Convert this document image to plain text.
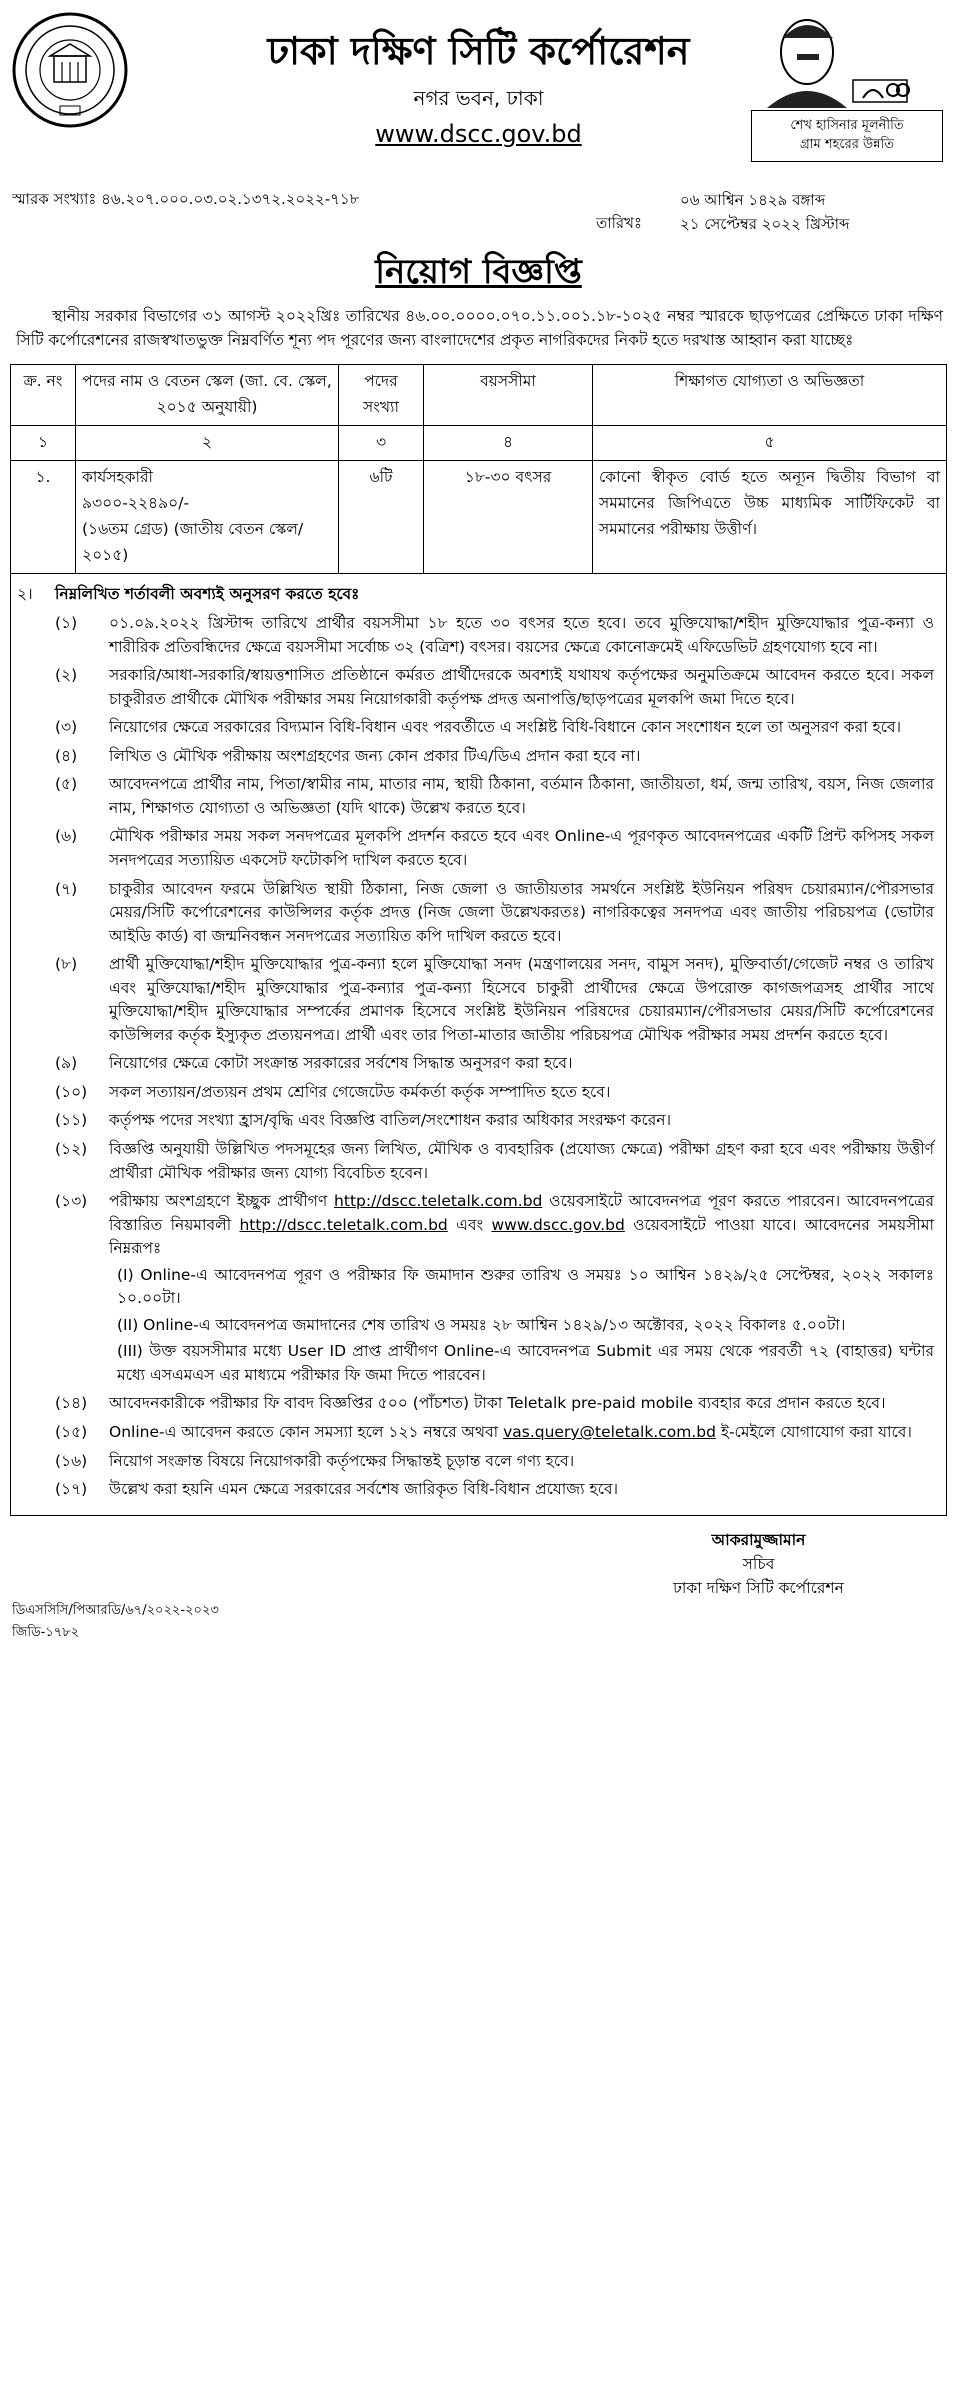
ঢাকা দক্ষিণ সিটি কর্পোরেশন
নগর ভবন, ঢাকা
www.dscc.gov.bd	শেখ হাসিনার মূলনীতি
গ্রাম শহরের উন্নতি
স্মারক সংখ্যাঃ ৪৬.২০৭.০০০.০৩.০২.১৩৭২.২০২২-৭১৮
তারিখঃ
০৬ আশ্বিন ১৪২৯ বঙ্গাব্দ
২১ সেপ্টেম্বর ২০২২ খ্রিস্টাব্দ
নিয়োগ বিজ্ঞপ্তি
স্থানীয় সরকার বিভাগের ৩১ আগস্ট ২০২২খ্রিঃ তারিখের ৪৬.০০.০০০০.০৭০.১১.০০১.১৮-১০২৫ নম্বর স্মারকে ছাড়পত্রের প্রেক্ষিতে ঢাকা দক্ষিণ সিটি কর্পোরেশনের রাজস্বখাতভুক্ত নিম্নবর্ণিত শূন্য পদ পূরণের জন্য বাংলাদেশের প্রকৃত নাগরিকদের নিকট হতে দরখাস্ত আহ্বান করা যাচ্ছেঃ
ক্র. নং	পদের নাম ও বেতন স্কেল (জা. বে. স্কেল, ২০১৫ অনুযায়ী)	পদের সংখ্যা	বয়সসীমা	শিক্ষাগত যোগ্যতা ও অভিজ্ঞতা
১	২	৩	৪	৫
১.	কার্যসহকারী
৯৩০০-২২৪৯০/-
(১৬তম গ্রেড) (জাতীয় বেতন স্কেল/২০১৫)	৬টি	১৮-৩০ বৎসর	কোনো স্বীকৃত বোর্ড হতে অন্যূন দ্বিতীয় বিভাগ বা সমমানের জিপিএতে উচ্চ মাধ্যমিক সার্টিফিকেট বা সমমানের পরীক্ষায় উত্তীর্ণ।
২। নিম্নলিখিত শর্তাবলী অবশ্যই অনুসরণ করতে হবেঃ
(১)	০১.০৯.২০২২ খ্রিস্টাব্দ তারিখে প্রার্থীর বয়সসীমা ১৮ হতে ৩০ বৎসর হতে হবে। তবে মুক্তিযোদ্ধা/শহীদ মুক্তিযোদ্ধার পুত্র-কন্যা ও শারীরিক প্রতিবন্ধিদের ক্ষেত্রে বয়সসীমা সর্বোচ্চ ৩২ (বত্রিশ) বৎসর। বয়সের ক্ষেত্রে কোনোক্রমেই এফিডেভিট গ্রহণযোগ্য হবে না।
(২)	সরকারি/আধা-সরকারি/স্বায়ত্তশাসিত প্রতিষ্ঠানে কর্মরত প্রার্থীদেরকে অবশ্যই যথাযথ কর্তৃপক্ষের অনুমতিক্রমে আবেদন করতে হবে। সকল চাকুরীরত প্রার্থীকে মৌখিক পরীক্ষার সময় নিয়োগকারী কর্তৃপক্ষ প্রদত্ত অনাপত্তি/ছাড়পত্রের মূলকপি জমা দিতে হবে।
(৩)	নিয়োগের ক্ষেত্রে সরকারের বিদ্যমান বিধি-বিধান এবং পরবর্তীতে এ সংশ্লিষ্ট বিধি-বিধানে কোন সংশোধন হলে তা অনুসরণ করা হবে।
(৪)	লিখিত ও মৌখিক পরীক্ষায় অংশগ্রহণের জন্য কোন প্রকার টিএ/ডিএ প্রদান করা হবে না।
(৫)	আবেদনপত্রে প্রার্থীর নাম, পিতা/স্বামীর নাম, মাতার নাম, স্থায়ী ঠিকানা, বর্তমান ঠিকানা, জাতীয়তা, ধর্ম, জন্ম তারিখ, বয়স, নিজ জেলার নাম, শিক্ষাগত যোগ্যতা ও অভিজ্ঞতা (যদি থাকে) উল্লেখ করতে হবে।
(৬)	মৌখিক পরীক্ষার সময় সকল সনদপত্রের মূলকপি প্রদর্শন করতে হবে এবং Online-এ পূরণকৃত আবেদনপত্রের একটি প্রিন্ট কপিসহ সকল সনদপত্রের সত্যায়িত একসেট ফটোকপি দাখিল করতে হবে।
(৭)	চাকুরীর আবেদন ফরমে উল্লিখিত স্থায়ী ঠিকানা, নিজ জেলা ও জাতীয়তার সমর্থনে সংশ্লিষ্ট ইউনিয়ন পরিষদ চেয়ারম্যান/পৌরসভার মেয়র/সিটি কর্পোরেশনের কাউন্সিলর কর্তৃক প্রদত্ত (নিজ জেলা উল্লেখকরতঃ) নাগরিকত্বের সনদপত্র এবং জাতীয় পরিচয়পত্র (ভোটার আইডি কার্ড) বা জন্মনিবন্ধন সনদপত্রের সত্যায়িত কপি দাখিল করতে হবে।
(৮)	প্রার্থী মুক্তিযোদ্ধা/শহীদ মুক্তিযোদ্ধার পুত্র-কন্যা হলে মুক্তিযোদ্ধা সনদ (মন্ত্রণালয়ের সনদ, বামুস সনদ), মুক্তিবার্তা/গেজেট নম্বর ও তারিখ এবং মুক্তিযোদ্ধা/শহীদ মুক্তিযোদ্ধার পুত্র-কন্যার পুত্র-কন্যা হিসেবে চাকুরী প্রার্থীদের ক্ষেত্রে উপরোক্ত কাগজপত্রসহ প্রার্থীর সাথে মুক্তিযোদ্ধা/শহীদ মুক্তিযোদ্ধার সম্পর্কের প্রমাণক হিসেবে সংশ্লিষ্ট ইউনিয়ন পরিষদের চেয়ারম্যান/পৌরসভার মেয়র/সিটি কর্পোরেশনের কাউন্সিলর কর্তৃক ইস্যুকৃত প্রত্যয়নপত্র। প্রার্থী এবং তার পিতা-মাতার জাতীয় পরিচয়পত্র মৌখিক পরীক্ষার সময় প্রদর্শন করতে হবে।
(৯)	নিয়োগের ক্ষেত্রে কোটা সংক্রান্ত সরকারের সর্বশেষ সিদ্ধান্ত অনুসরণ করা হবে।
(১০)	সকল সত্যায়ন/প্রত্যয়ন প্রথম শ্রেণির গেজেটেড কর্মকর্তা কর্তৃক সম্পাদিত হতে হবে।
(১১)	কর্তৃপক্ষ পদের সংখ্যা হ্রাস/বৃদ্ধি এবং বিজ্ঞপ্তি বাতিল/সংশোধন করার অধিকার সংরক্ষণ করেন।
(১২)	বিজ্ঞপ্তি অনুযায়ী উল্লিখিত পদসমূহের জন্য লিখিত, মৌখিক ও ব্যবহারিক (প্রযোজ্য ক্ষেত্রে) পরীক্ষা গ্রহণ করা হবে এবং পরীক্ষায় উত্তীর্ণ প্রার্থীরা মৌখিক পরীক্ষার জন্য যোগ্য বিবেচিত হবেন।
(১৩)	পরীক্ষায় অংশগ্রহণে ইচ্ছুক প্রার্থীগণ http://dscc.teletalk.com.bd ওয়েবসাইটে আবেদনপত্র পূরণ করতে পারবেন। আবেদনপত্রের বিস্তারিত নিয়মাবলী http://dscc.teletalk.com.bd এবং www.dscc.gov.bd ওয়েবসাইটে পাওয়া যাবে। আবেদনের সময়সীমা নিম্নরূপঃ
(I) Online-এ আবেদনপত্র পূরণ ও পরীক্ষার ফি জমাদান শুরুর তারিখ ও সময়ঃ ১০ আশ্বিন ১৪২৯/২৫ সেপ্টেম্বর, ২০২২ সকালঃ ১০.০০টা।
(II) Online-এ আবেদনপত্র জমাদানের শেষ তারিখ ও সময়ঃ ২৮ আশ্বিন ১৪২৯/১৩ অক্টোবর, ২০২২ বিকালঃ ৫.০০টা।
(III) উক্ত বয়সসীমার মধ্যে User ID প্রাপ্ত প্রার্থীগণ Online-এ আবেদনপত্র Submit এর সময় থেকে পরবর্তী ৭২ (বাহাত্তর) ঘন্টার মধ্যে এসএমএস এর মাধ্যমে পরীক্ষার ফি জমা দিতে পারবেন।
(১৪)	আবেদনকারীকে পরীক্ষার ফি বাবদ বিজ্ঞপ্তির ৫০০ (পাঁচশত) টাকা Teletalk pre-paid mobile ব্যবহার করে প্রদান করতে হবে।
(১৫)	Online-এ আবেদন করতে কোন সমস্যা হলে ১২১ নম্বরে অথবা vas.query@teletalk.com.bd ই-মেইলে যোগাযোগ করা যাবে।
(১৬)	নিয়োগ সংক্রান্ত বিষয়ে নিয়োগকারী কর্তৃপক্ষের সিদ্ধান্তই চূড়ান্ত বলে গণ্য হবে।
(১৭)	উল্লেখ করা হয়নি এমন ক্ষেত্রে সরকারের সর্বশেষ জারিকৃত বিধি-বিধান প্রযোজ্য হবে।
আকরামুজ্জামান
সচিব
ঢাকা দক্ষিণ সিটি কর্পোরেশন
ডিএসসিসি/পিআরডি/৬৭/২০২২-২০২৩
জিডি-১৭৮২
